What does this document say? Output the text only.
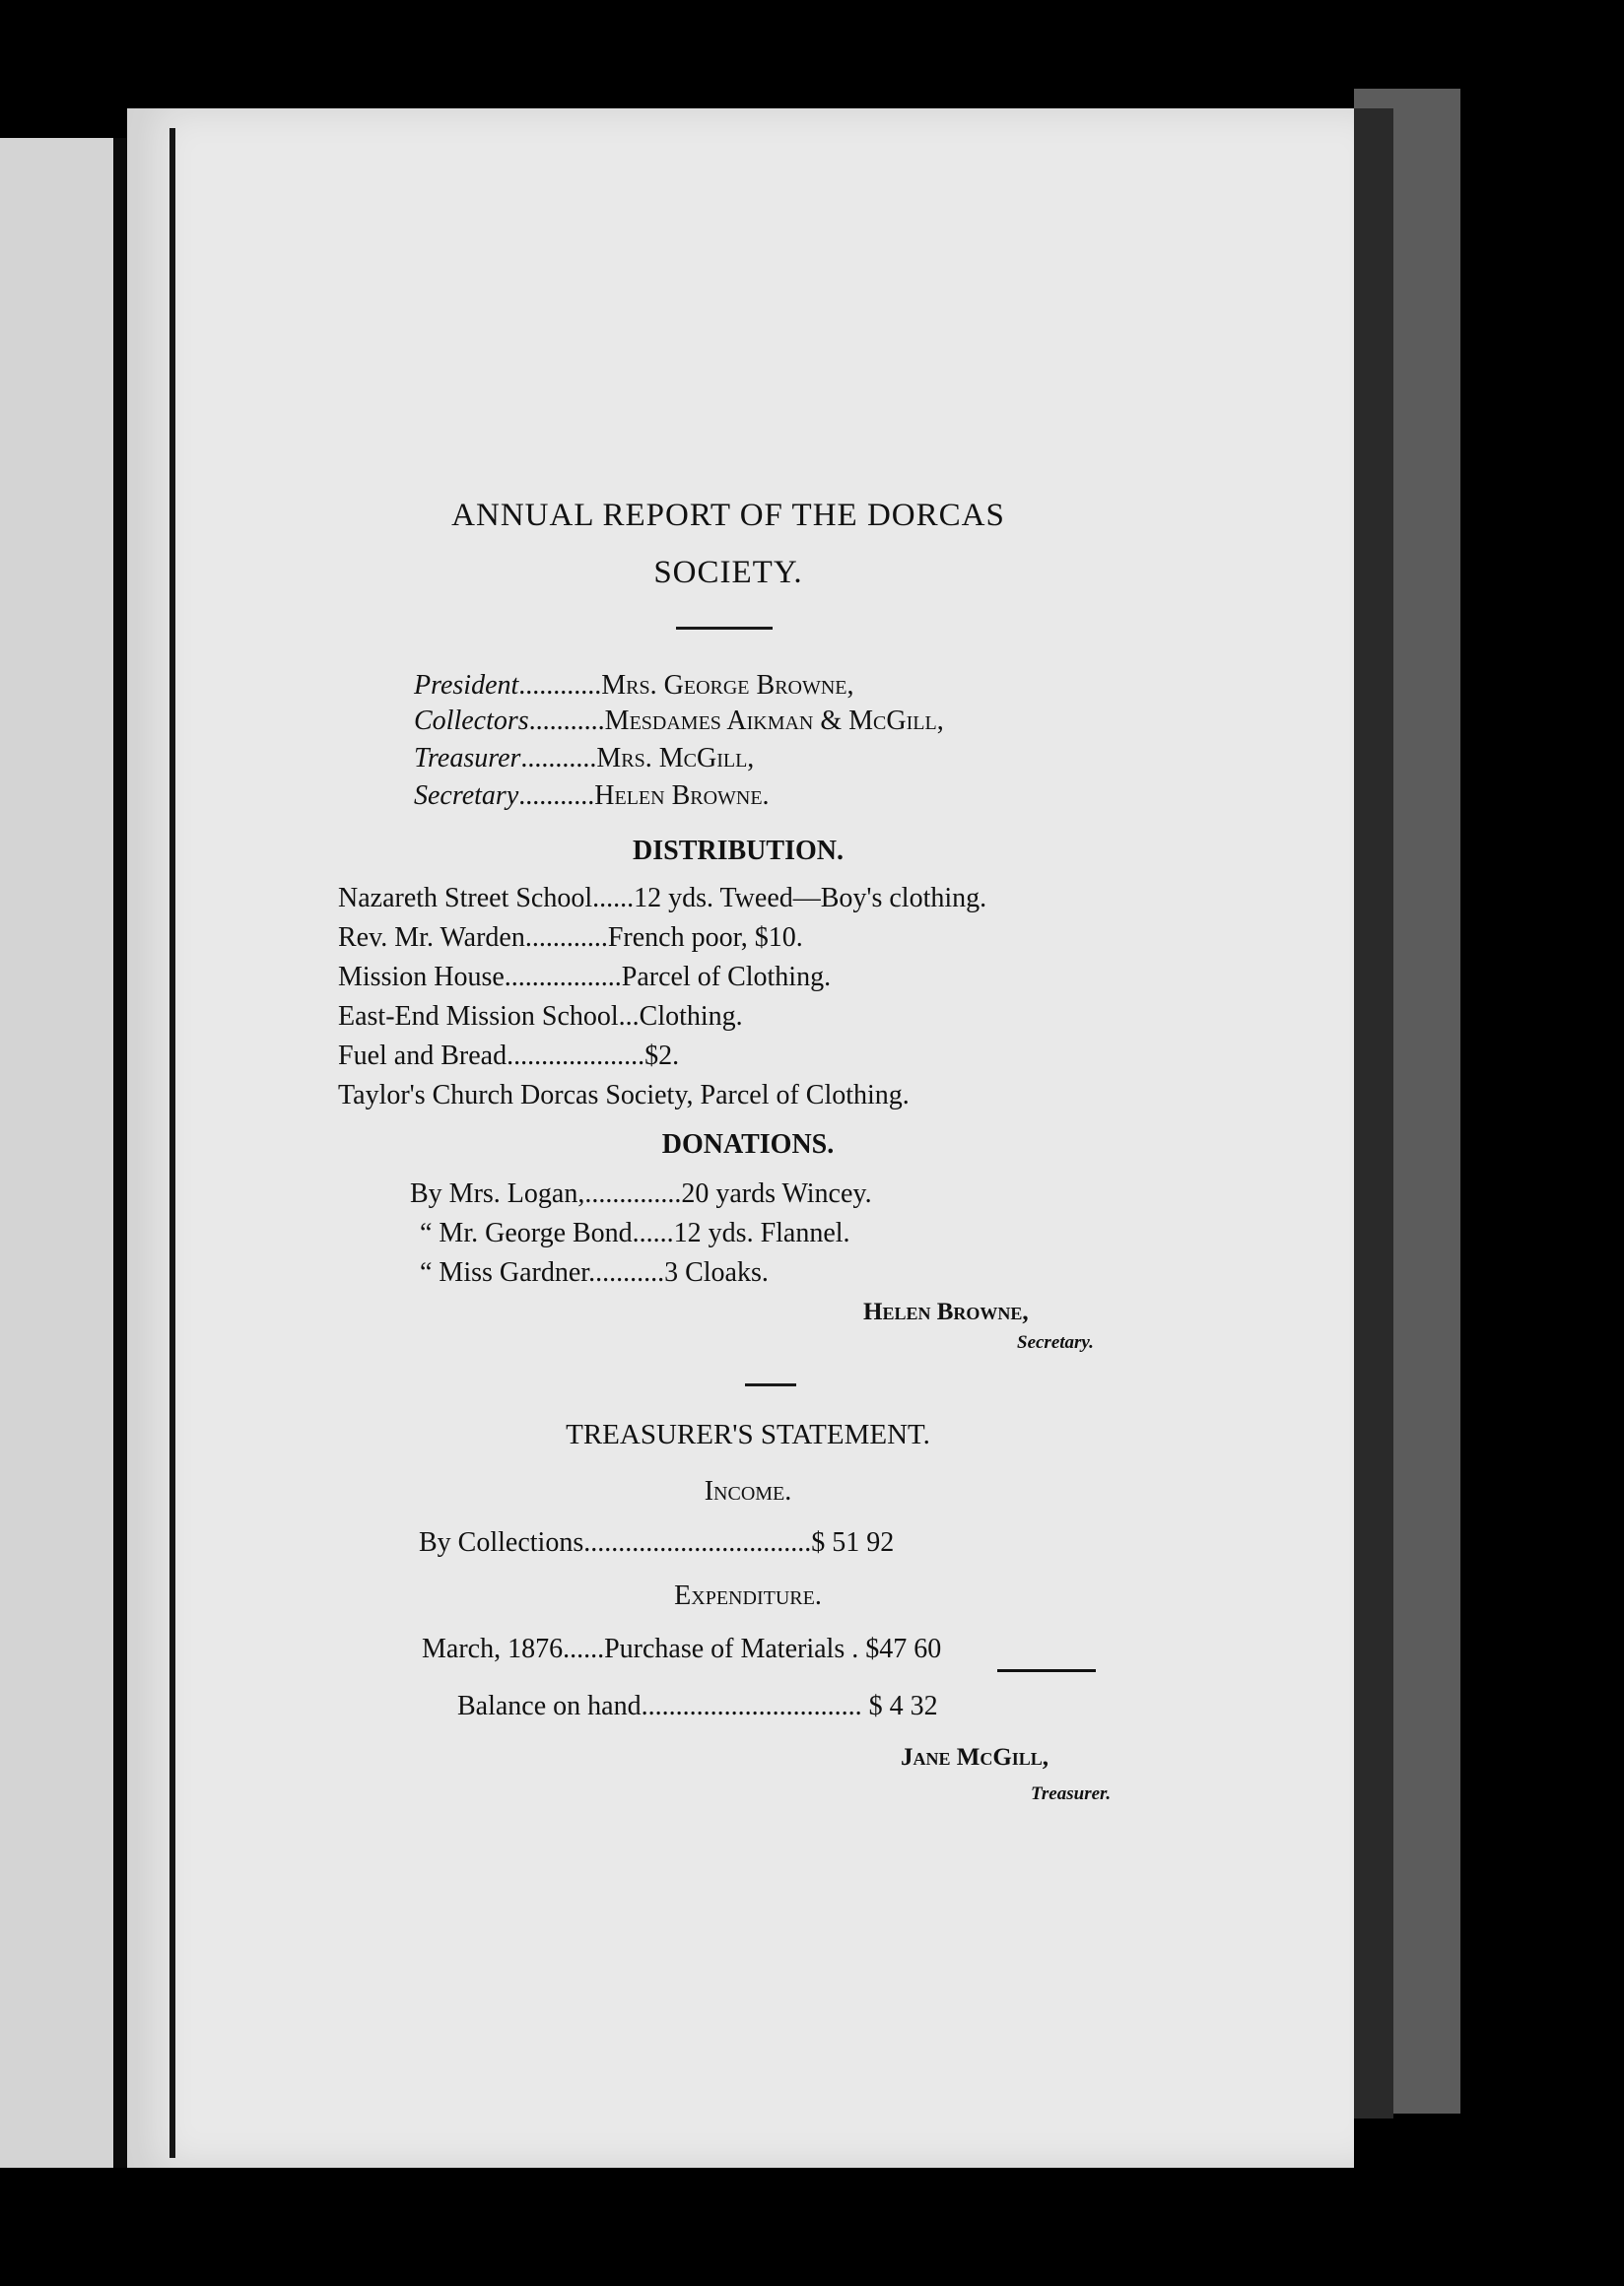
ANNUAL REPORT OF THE DORCAS
SOCIETY.
President............Mrs. George Browne,
Collectors...........Mesdames Aikman & McGill,
Treasurer...........Mrs. McGill,
Secretary...........Helen Browne.
DISTRIBUTION.
Nazareth Street School......12 yds. Tweed—Boy's clothing.
Rev. Mr. Warden............French poor, $10.
Mission House.................Parcel of Clothing.
East-End Mission School...Clothing.
Fuel and Bread....................$2.
Taylor's Church Dorcas Society, Parcel of Clothing.
DONATIONS.
By Mrs. Logan,..............20 yards Wincey.
“ Mr. George Bond......12 yds. Flannel.
“ Miss Gardner...........3 Cloaks.
Helen Browne,
Secretary.
TREASURER'S STATEMENT.
Income.
By Collections.................................$ 51 92
Expenditure.
March, 1876......Purchase of Materials . $47 60
Balance on hand................................ $ 4 32
Jane McGill,
Treasurer.
